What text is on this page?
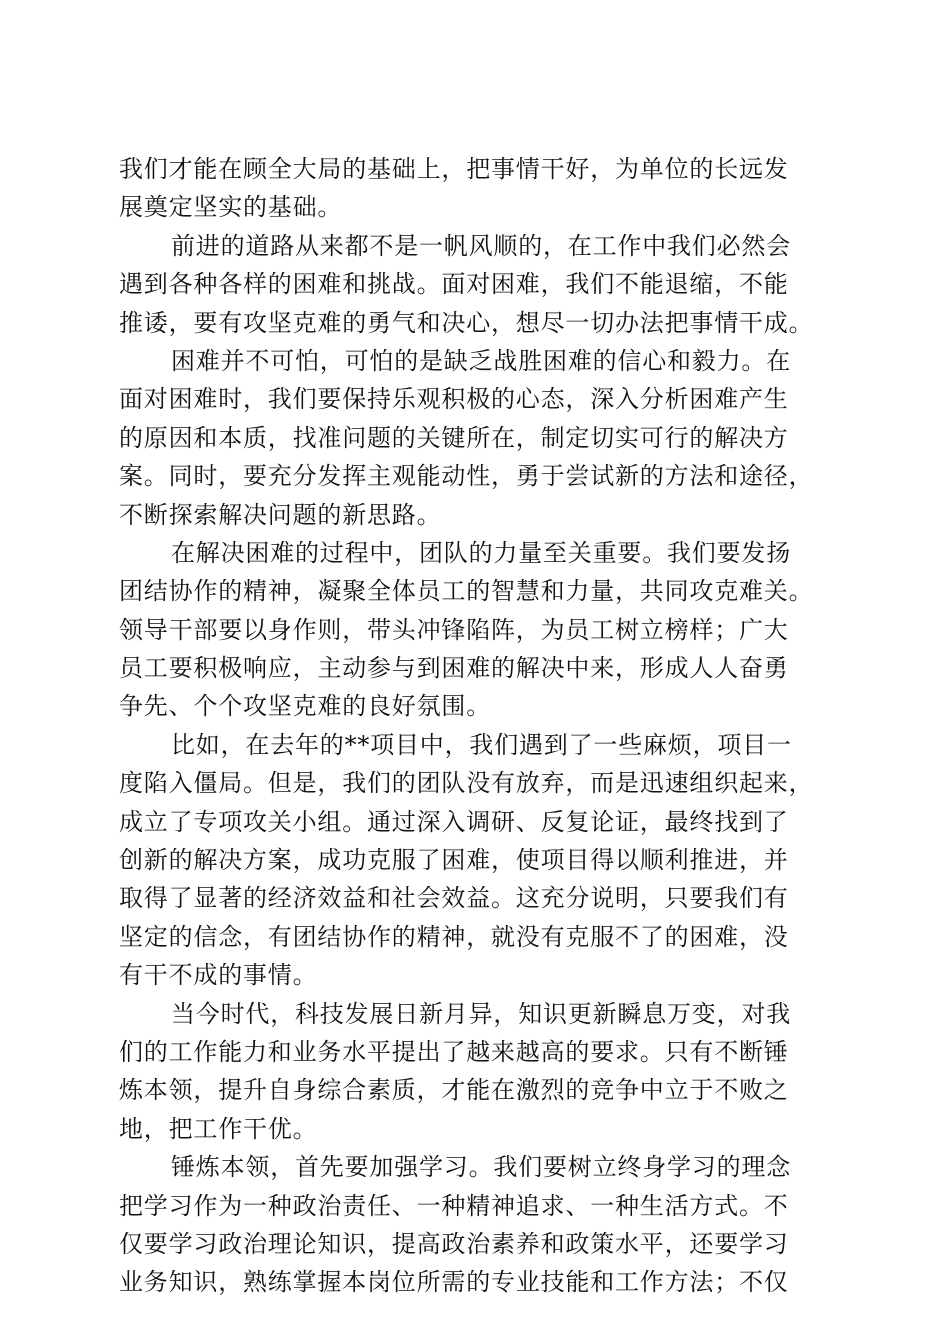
我们才能在顾全大局的基础上，把事情干好，为单位的长远发
展奠定坚实的基础。

前进的道路从来都不是一帆风顺的，在工作中我们必然会
遇到各种各样的困难和挑战。面对困难，我们不能退缩，不能
推诿，要有攻坚克难的勇气和决心，想尽一切办法把事情干成。

困难并不可怕，可怕的是缺乏战胜困难的信心和毅力。在
面对困难时，我们要保持乐观积极的心态，深入分析困难产生
的原因和本质，找准问题的关键所在，制定切实可行的解决方
案。同时，要充分发挥主观能动性，勇于尝试新的方法和途径，
不断探索解决问题的新思路。

在解决困难的过程中，团队的力量至关重要。我们要发扬
团结协作的精神，凝聚全体员工的智慧和力量，共同攻克难关。
领导干部要以身作则，带头冲锋陷阵，为员工树立榜样；广大
员工要积极响应，主动参与到困难的解决中来，形成人人奋勇
争先、个个攻坚克难的良好氛围。

比如，在去年的**项目中，我们遇到了一些麻烦，项目一
度陷入僵局。但是，我们的团队没有放弃，而是迅速组织起来，
成立了专项攻关小组。通过深入调研、反复论证，最终找到了
创新的解决方案，成功克服了困难，使项目得以顺利推进，并
取得了显著的经济效益和社会效益。这充分说明，只要我们有
坚定的信念，有团结协作的精神，就没有克服不了的困难，没
有干不成的事情。

当今时代，科技发展日新月异，知识更新瞬息万变，对我
们的工作能力和业务水平提出了越来越高的要求。只有不断锤
炼本领，提升自身综合素质，才能在激烈的竞争中立于不败之
地，把工作干优。

锤炼本领，首先要加强学习。我们要树立终身学习的理念
把学习作为一种政治责任、一种精神追求、一种生活方式。不
仅要学习政治理论知识，提高政治素养和政策水平，还要学习
业务知识，熟练掌握本岗位所需的专业技能和工作方法；不仅
